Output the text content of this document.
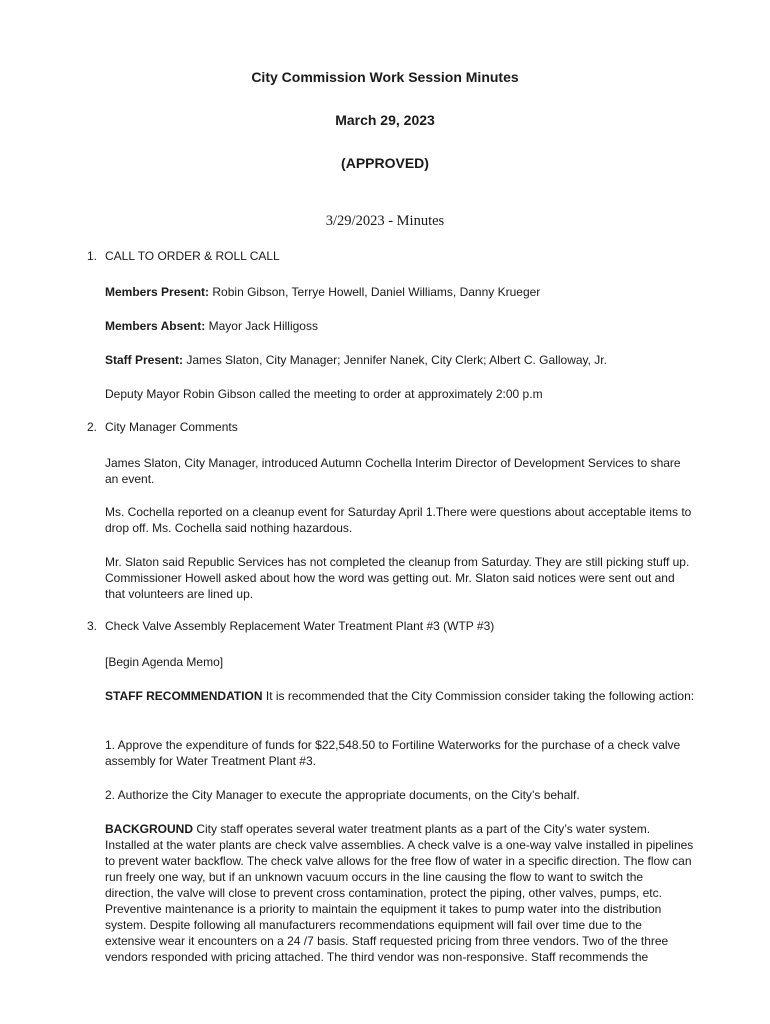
City Commission Work Session Minutes
March 29, 2023
(APPROVED)
3/29/2023 - Minutes
1. CALL TO ORDER & ROLL CALL
Members Present: Robin Gibson, Terrye Howell, Daniel Williams, Danny Krueger
Members Absent: Mayor Jack Hilligoss
Staff Present: James Slaton, City Manager; Jennifer Nanek, City Clerk; Albert C. Galloway, Jr.
Deputy Mayor Robin Gibson called the meeting to order at approximately 2:00 p.m
2. City Manager Comments
James Slaton, City Manager, introduced Autumn Cochella Interim Director of Development Services to share an event.
Ms. Cochella reported on a cleanup event for Saturday April 1.There were questions about acceptable items to drop off. Ms. Cochella said nothing hazardous.
Mr. Slaton said Republic Services has not completed the cleanup from Saturday. They are still picking stuff up. Commissioner Howell asked about how the word was getting out. Mr. Slaton said notices were sent out and that volunteers are lined up.
3. Check Valve Assembly Replacement Water Treatment Plant #3 (WTP #3)
[Begin Agenda Memo]
STAFF RECOMMENDATION It is recommended that the City Commission consider taking the following action:
1. Approve the expenditure of funds for $22,548.50 to Fortiline Waterworks for the purchase of a check valve assembly for Water Treatment Plant #3.
2. Authorize the City Manager to execute the appropriate documents, on the City’s behalf.
BACKGROUND City staff operates several water treatment plants as a part of the City’s water system. Installed at the water plants are check valve assemblies. A check valve is a one-way valve installed in pipelines to prevent water backflow. The check valve allows for the free flow of water in a specific direction. The flow can run freely one way, but if an unknown vacuum occurs in the line causing the flow to want to switch the direction, the valve will close to prevent cross contamination, protect the piping, other valves, pumps, etc. Preventive maintenance is a priority to maintain the equipment it takes to pump water into the distribution system. Despite following all manufacturers recommendations equipment will fail over time due to the extensive wear it encounters on a 24 /7 basis. Staff requested pricing from three vendors. Two of the three vendors responded with pricing attached. The third vendor was non-responsive. Staff recommends the
